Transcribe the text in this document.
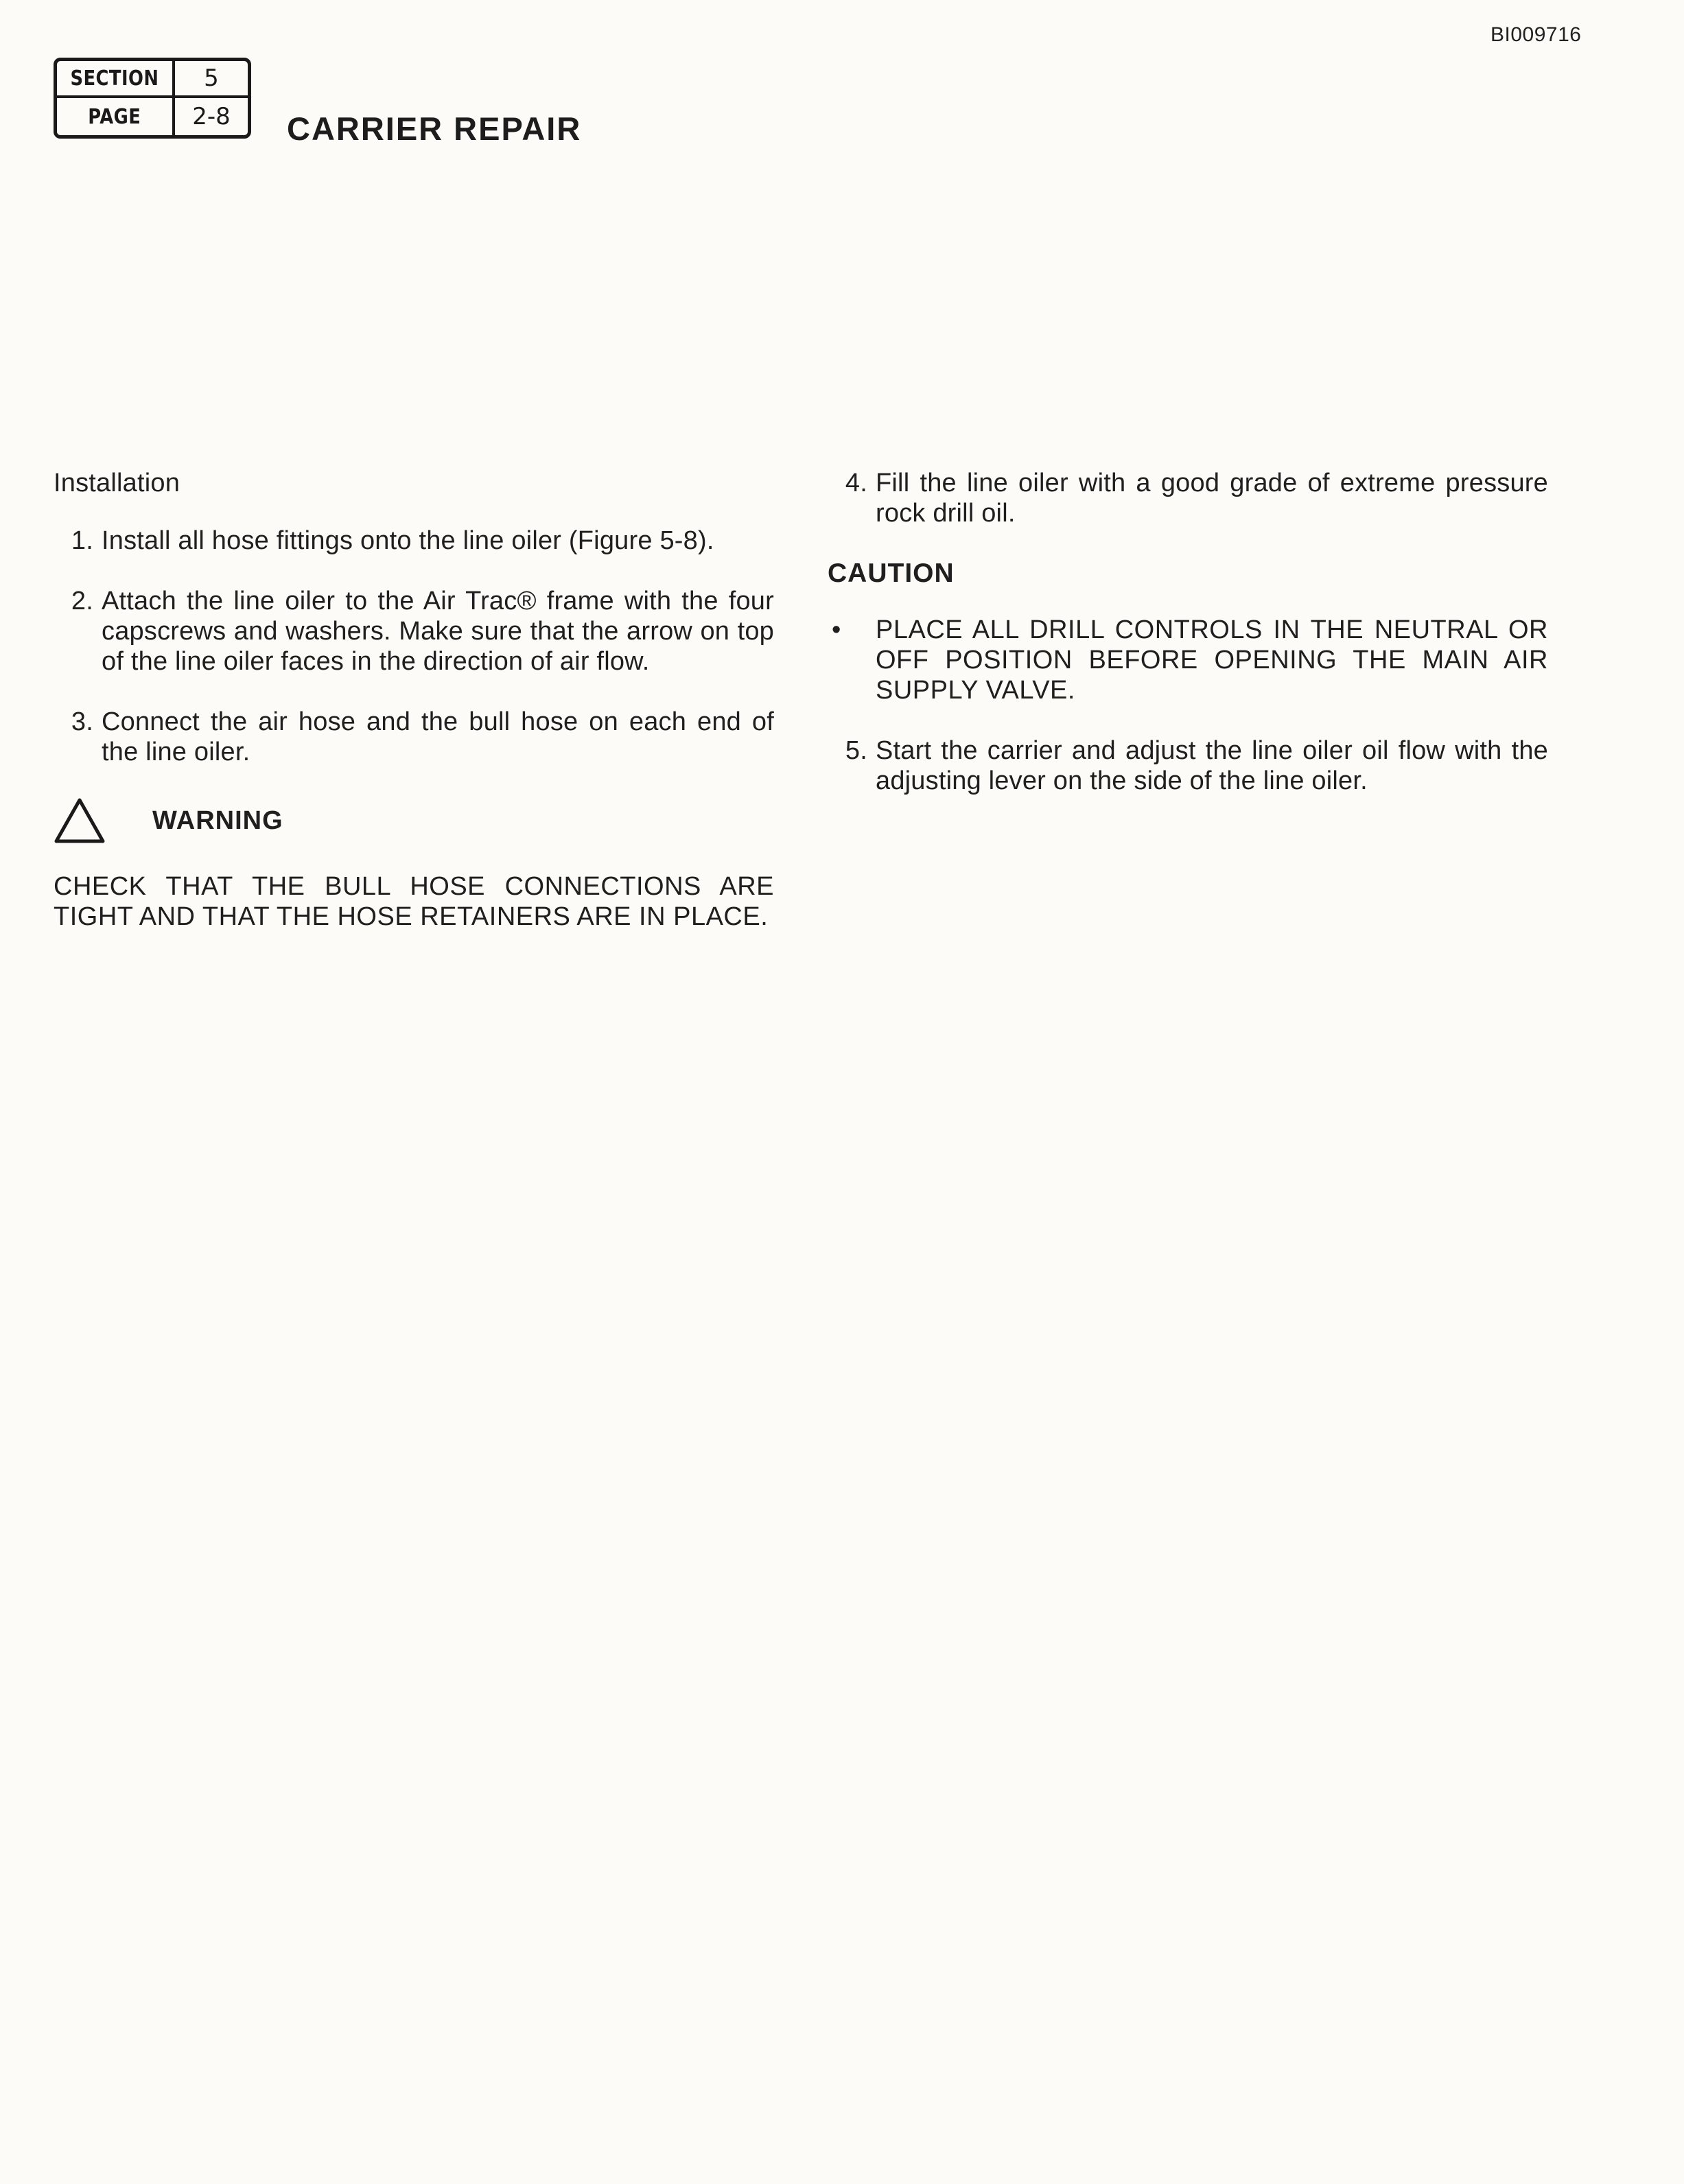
BI009716
SECTION 5
PAGE 2-8 CARRIER REPAIR
Installation
1. Install all hose fittings onto the line oiler (Figure 5-8).
2. Attach the line oiler to the Air Trac® frame with the four capscrews and washers. Make sure that the arrow on top of the line oiler faces in the direction of air flow.
3. Connect the air hose and the bull hose on each end of the line oiler.
WARNING
CHECK THAT THE BULL HOSE CONNECTIONS ARE TIGHT AND THAT THE HOSE RETAINERS ARE IN PLACE.
4. Fill the line oiler with a good grade of extreme pressure rock drill oil.
CAUTION
•	PLACE ALL DRILL CONTROLS IN THE NEUTRAL OR OFF POSITION BEFORE OPENING THE MAIN AIR SUPPLY VALVE.
5. Start the carrier and adjust the line oiler oil flow with the adjusting lever on the side of the line oiler.
